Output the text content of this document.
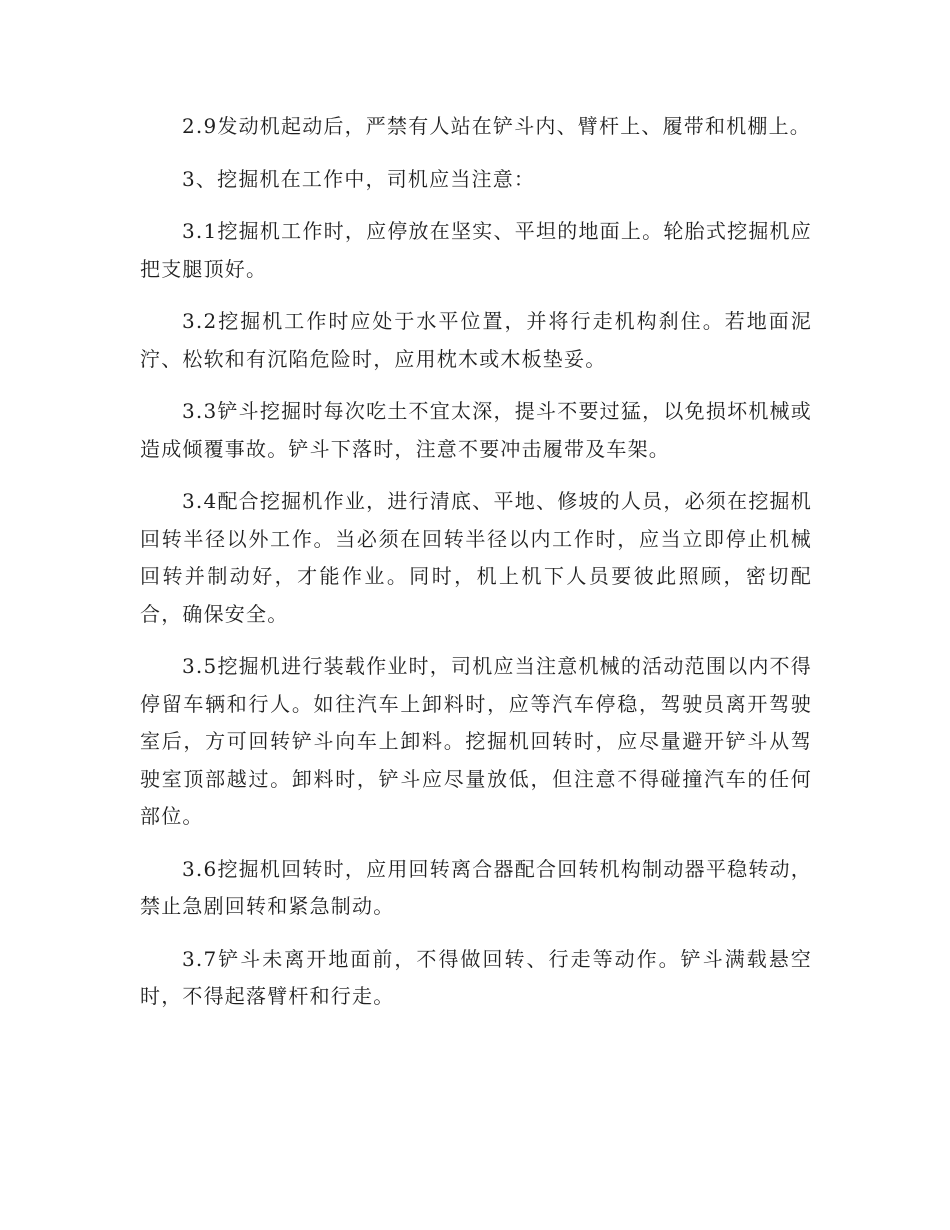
2.9发动机起动后，严禁有人站在铲斗内、臂杆上、履带和机棚上。

3、挖掘机在工作中，司机应当注意：

3.1挖掘机工作时，应停放在坚实、平坦的地面上。轮胎式挖掘机应把支腿顶好。

3.2挖掘机工作时应处于水平位置，并将行走机构刹住。若地面泥泞、松软和有沉陷危险时，应用枕木或木板垫妥。

3.3铲斗挖掘时每次吃土不宜太深，提斗不要过猛，以免损坏机械或造成倾覆事故。铲斗下落时，注意不要冲击履带及车架。

3.4配合挖掘机作业，进行清底、平地、修坡的人员，必须在挖掘机回转半径以外工作。当必须在回转半径以内工作时，应当立即停止机械回转并制动好，才能作业。同时，机上机下人员要彼此照顾，密切配合，确保安全。

3.5挖掘机进行装载作业时，司机应当注意机械的活动范围以内不得停留车辆和行人。如往汽车上卸料时，应等汽车停稳，驾驶员离开驾驶室后，方可回转铲斗向车上卸料。挖掘机回转时，应尽量避开铲斗从驾驶室顶部越过。卸料时，铲斗应尽量放低，但注意不得碰撞汽车的任何部位。

3.6挖掘机回转时，应用回转离合器配合回转机构制动器平稳转动，禁止急剧回转和紧急制动。

3.7铲斗未离开地面前，不得做回转、行走等动作。铲斗满载悬空时，不得起落臂杆和行走。
